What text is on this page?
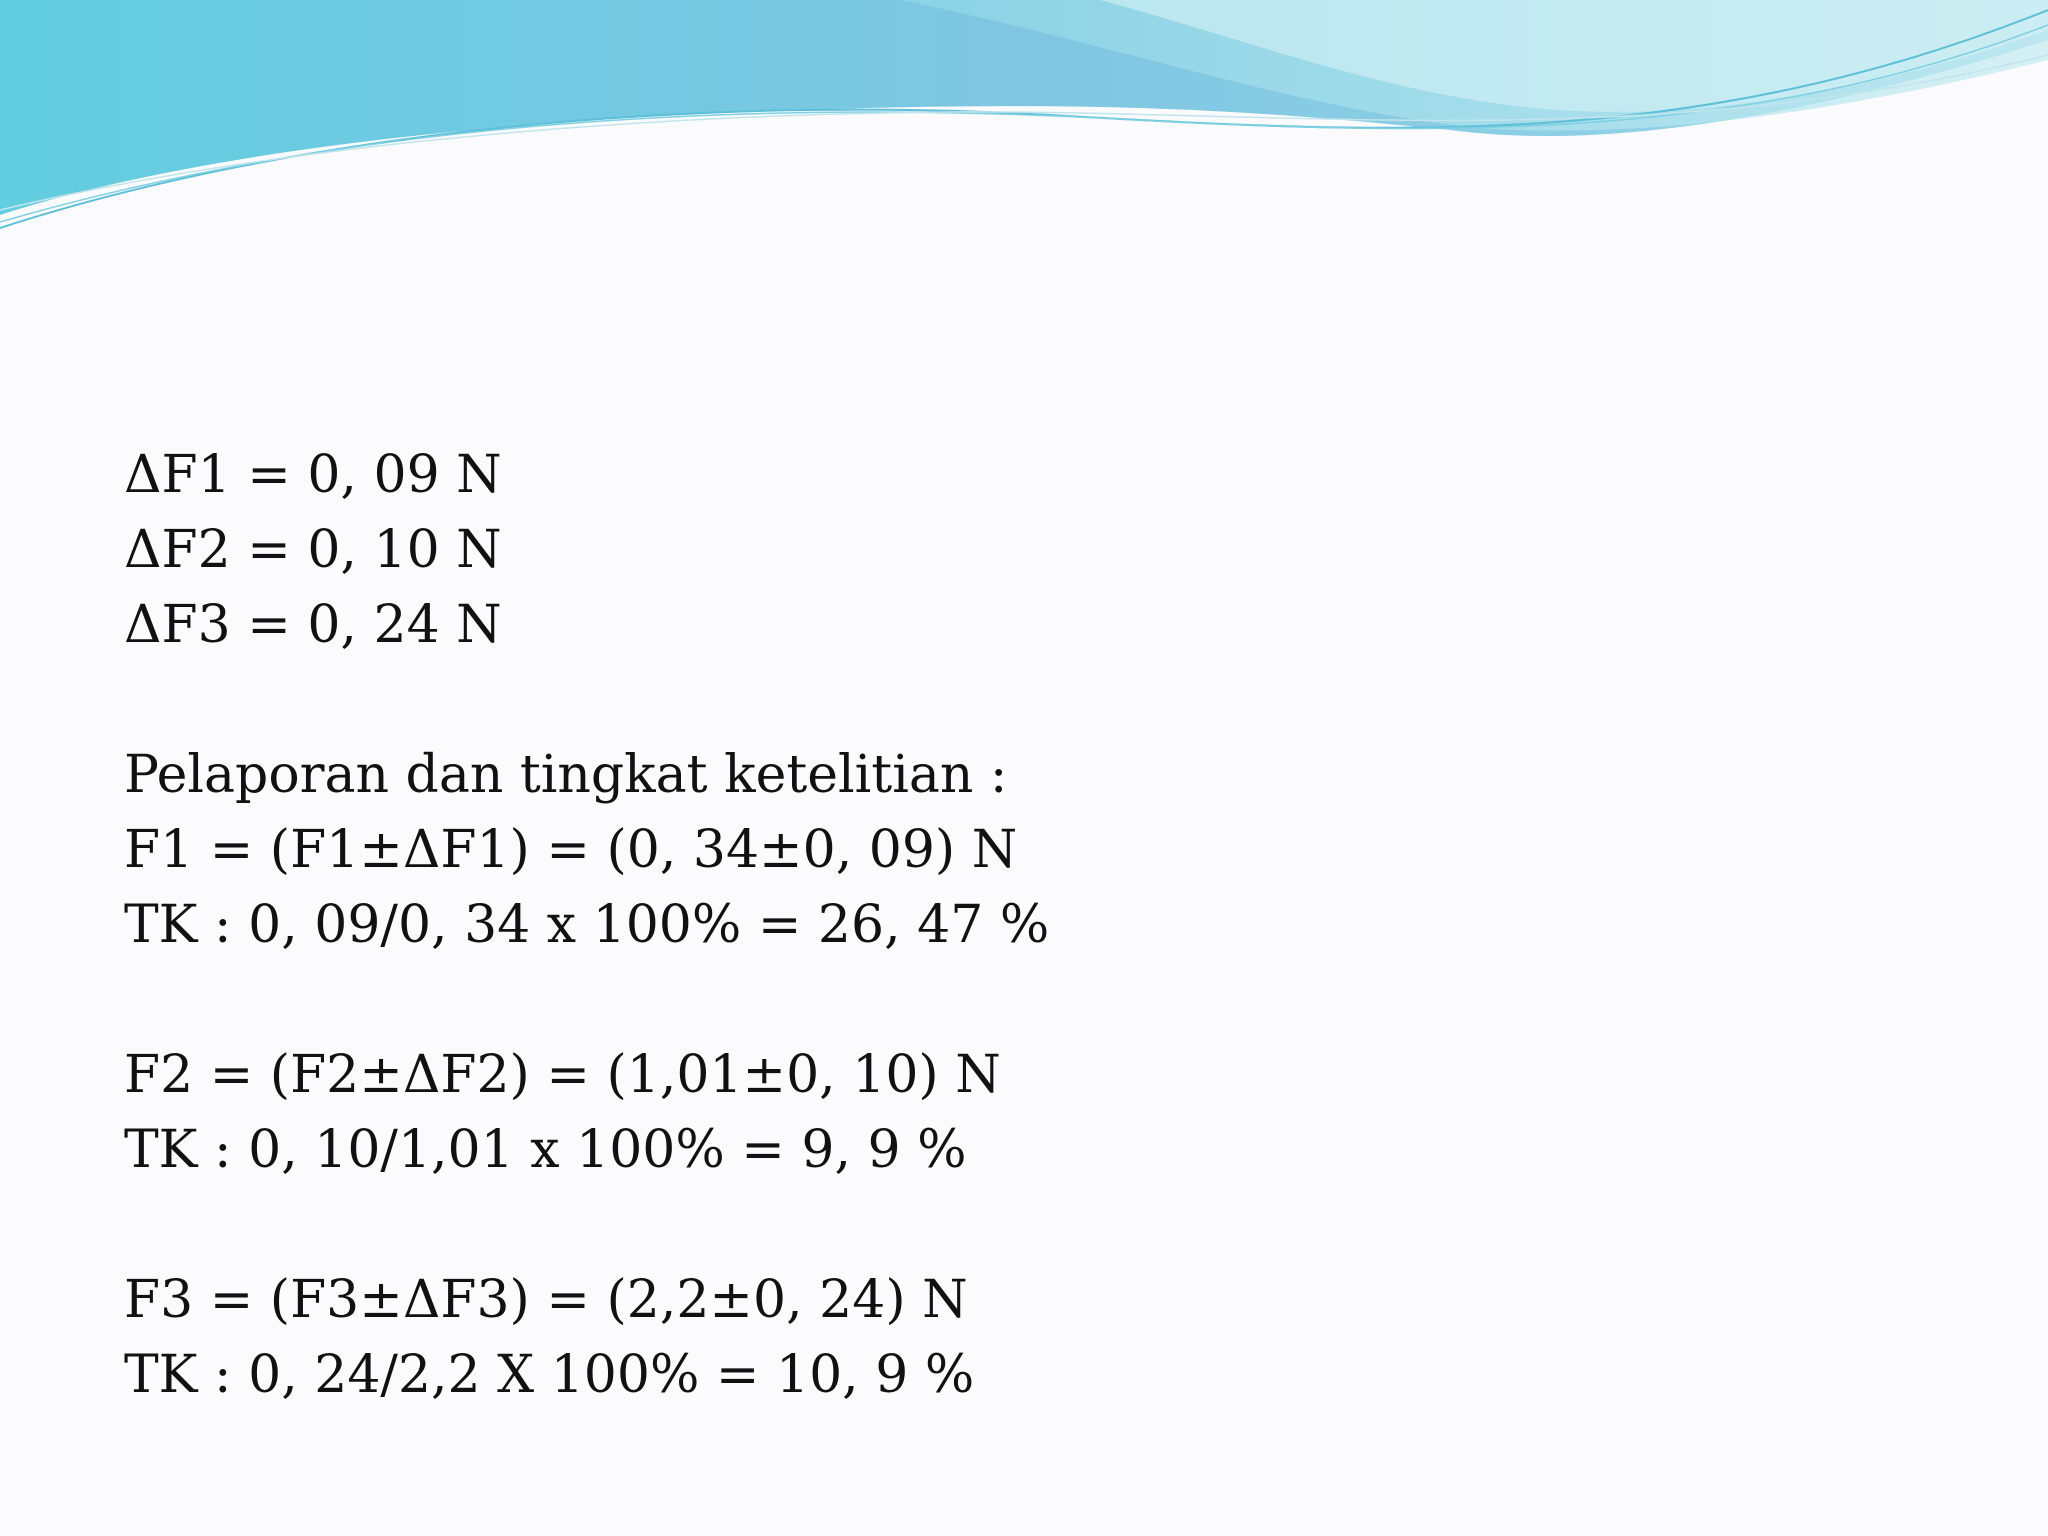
ΔF1 = 0, 09 N
ΔF2 = 0, 10 N
ΔF3 = 0, 24 N
Pelaporan dan tingkat ketelitian :
F1 = (F1±ΔF1) = (0, 34±0, 09) N
TK : 0, 09/0, 34 x 100% = 26, 47 %
F2 = (F2±ΔF2) = (1,01±0, 10) N
TK : 0, 10/1,01 x 100% = 9, 9 %
F3 = (F3±ΔF3) = (2,2±0, 24) N
TK : 0, 24/2,2 X 100% = 10, 9 %
